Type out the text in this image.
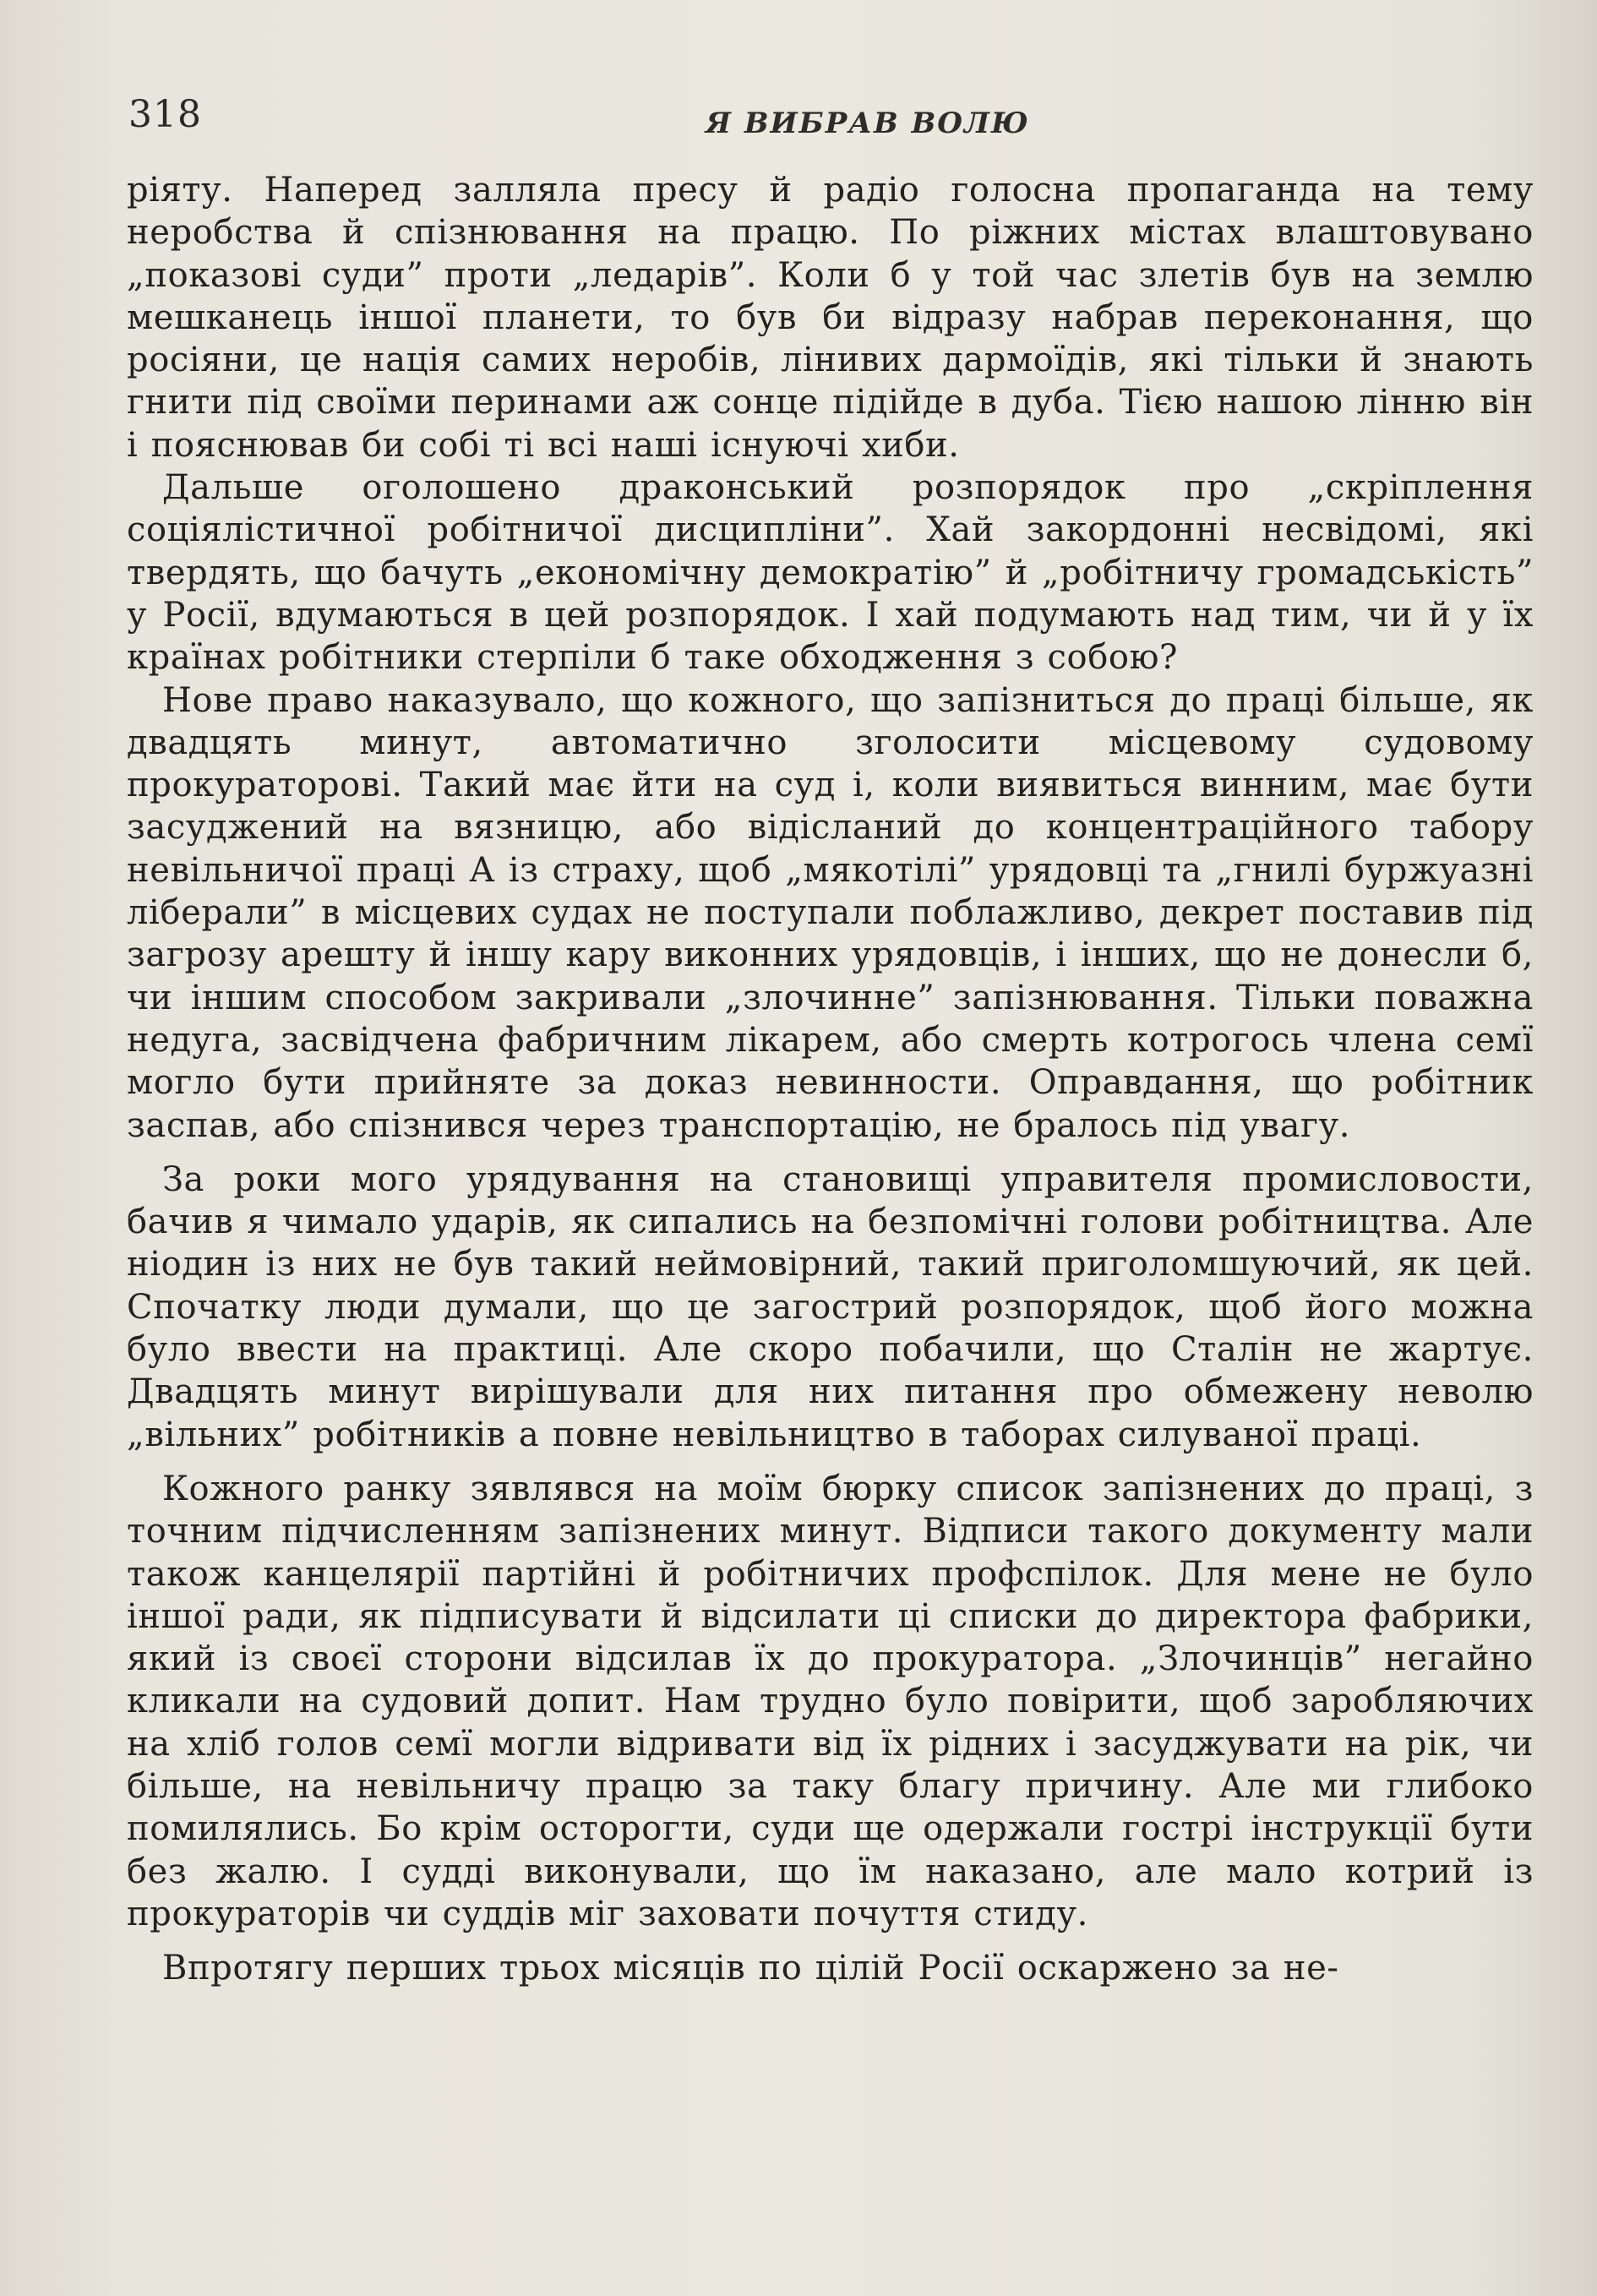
318	Я ВИБРАВ ВОЛЮ

ріяту. Наперед залляла пресу й радіо голосна пропаганда на тему неробства й спізнювання на працю. По ріжних містах влаштовувано „показові суди” проти „ледарів”. Коли б у той час злетів був на землю мешканець іншої планети, то був би відразу набрав переконання, що росіяни, це нація самих неробів, лінивих дармоїдів, які тільки й знають гнити під своїми перинами аж сонце підійде в дуба. Тією нашою лінню він і пояснював би собі ті всі наші існуючі хиби.

Дальше оголошено драконський розпорядок про „скріплення соціялістичної робітничої дисципліни”. Хай закордонні несвідомі, які твердять, що бачуть „економічну демократію” й „робітничу громадськість” у Росії, вдумаються в цей розпорядок. І хай подумають над тим, чи й у їх країнах робітники стерпіли б таке обходження з собою?

Нове право наказувало, що кожного, що запізниться до праці більше, як двадцять минут, автоматично зголосити місцевому судовому прокураторові. Такий має йти на суд і, коли виявиться винним, має бути засуджений на вязницю, або відісланий до концентраційного табору невільничої праці А із страху, щоб „мякотілі” урядовці та „гнилі буржуазні ліберали” в місцевих судах не поступали поблажливо, декрет поставив під загрозу арешту й іншу кару виконних урядовців, і інших, що не донесли б, чи іншим способом закривали „злочинне” запізнювання. Тільки поважна недуга, засвідчена фабричним лікарем, або смерть котрогось члена семї могло бути прийняте за доказ невинности. Оправдання, що робітник заспав, або спізнився через транспортацію, не бралось під увагу.

За роки мого урядування на становищі управителя промисловости, бачив я чимало ударів, як сипались на безпомічні голови робітництва. Але ніодин із них не був такий неймовірний, такий приголомшуючий, як цей. Спочатку люди думали, що це загострий розпорядок, щоб його можна було ввести на практиці. Але скоро побачили, що Сталін не жартує. Двадцять минут вирішували для них питання про обмежену неволю „вільних” робітників а повне невільництво в таборах силуваної праці.

Кожного ранку зявлявся на моїм бюрку список запізнених до праці, з точним підчисленням запізнених минут. Відписи такого документу мали також канцелярії партійні й робітничих профспілок. Для мене не було іншої ради, як підписувати й відсилати ці списки до директора фабрики, який із своєї сторони відсилав їх до прокуратора. „Злочинців” негайно кликали на судовий допит. Нам трудно було повірити, щоб заробляючих на хліб голов семї могли відривати від їх рідних і засуджувати на рік, чи більше, на невільничу працю за таку благу причину. Але ми глибоко помилялись. Бо крім осторогти, суди ще одержали гострі інструкції бути без жалю. І судді виконували, що їм наказано, але мало котрий із прокураторів чи суддів міг заховати почуття стиду.

Впротягу перших трьох місяців по цілій Росії оскаржено за не-
